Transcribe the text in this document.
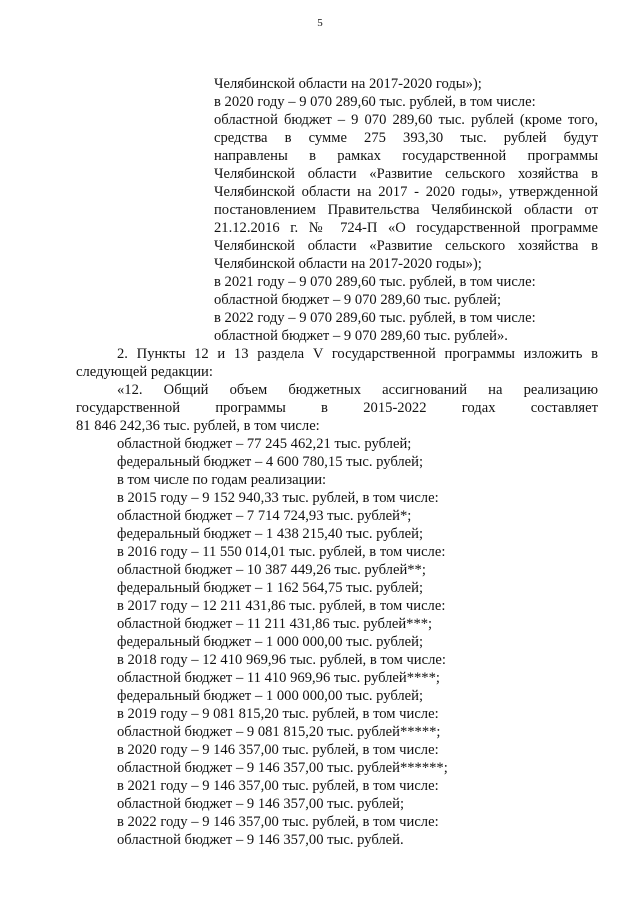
5
Челябинской области на 2017-2020 годы»);
в 2020 году – 9 070 289,60 тыс. рублей, в том числе:
областной бюджет – 9 070 289,60 тыс. рублей (кроме того,
средства в сумме 275 393,30 тыс. рублей будут
направлены в рамках государственной программы
Челябинской области «Развитие сельского хозяйства в
Челябинской области на 2017 - 2020 годы», утвержденной
постановлением Правительства Челябинской области от
21.12.2016 г. № 724-П «О государственной программе
Челябинской области «Развитие сельского хозяйства в
Челябинской области на 2017-2020 годы»);
в 2021 году – 9 070 289,60 тыс. рублей, в том числе:
областной бюджет – 9 070 289,60 тыс. рублей;
в 2022 году – 9 070 289,60 тыс. рублей, в том числе:
областной бюджет – 9 070 289,60 тыс. рублей».
2. Пункты 12 и 13 раздела V государственной программы изложить в
следующей редакции:
«12. Общий объем бюджетных ассигнований на реализацию
государственной программы в 2015-2022 годах составляет
81 846 242,36 тыс. рублей, в том числе:
областной бюджет – 77 245 462,21 тыс. рублей;
федеральный бюджет – 4 600 780,15 тыс. рублей;
в том числе по годам реализации:
в 2015 году – 9 152 940,33 тыс. рублей, в том числе:
областной бюджет – 7 714 724,93 тыс. рублей*;
федеральный бюджет – 1 438 215,40 тыс. рублей;
в 2016 году – 11 550 014,01 тыс. рублей, в том числе:
областной бюджет – 10 387 449,26 тыс. рублей**;
федеральный бюджет – 1 162 564,75 тыс. рублей;
в 2017 году – 12 211 431,86 тыс. рублей, в том числе:
областной бюджет – 11 211 431,86 тыс. рублей***;
федеральный бюджет – 1 000 000,00 тыс. рублей;
в 2018 году – 12 410 969,96 тыс. рублей, в том числе:
областной бюджет – 11 410 969,96 тыс. рублей****;
федеральный бюджет – 1 000 000,00 тыс. рублей;
в 2019 году – 9 081 815,20 тыс. рублей, в том числе:
областной бюджет – 9 081 815,20 тыс. рублей*****;
в 2020 году – 9 146 357,00 тыс. рублей, в том числе:
областной бюджет – 9 146 357,00 тыс. рублей******;
в 2021 году – 9 146 357,00 тыс. рублей, в том числе:
областной бюджет – 9 146 357,00 тыс. рублей;
в 2022 году – 9 146 357,00 тыс. рублей, в том числе:
областной бюджет – 9 146 357,00 тыс. рублей.
